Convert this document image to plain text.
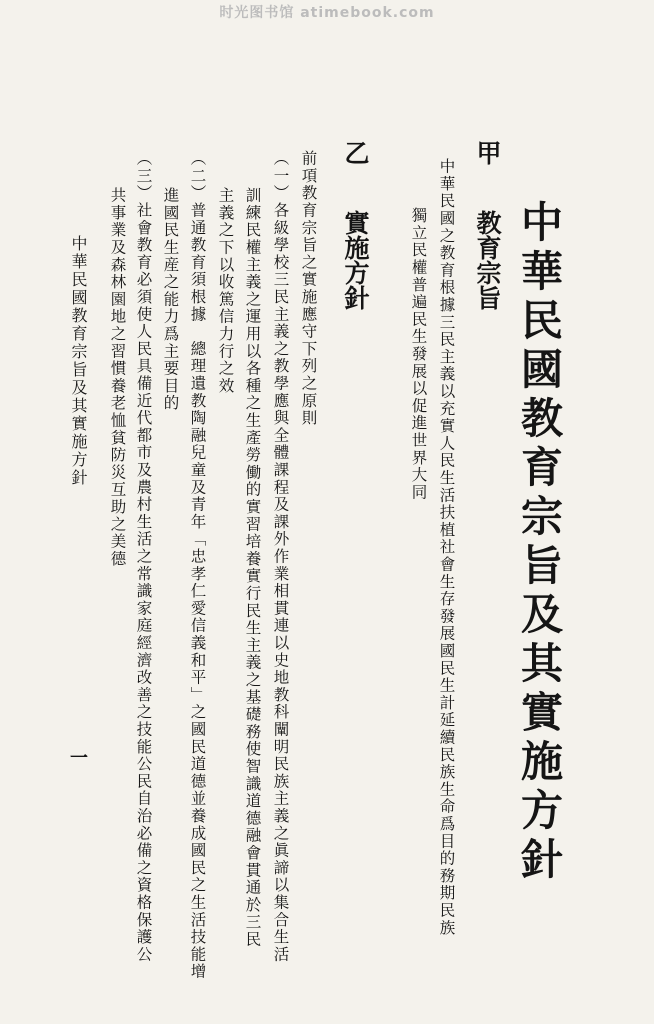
时光图书馆 atimebook.com
中華民國教育宗旨及其實施方針
甲 教育宗旨
中華民國之教育根據三民主義以充實人民生活扶植社會生存發展國民生計延續民族生命爲目的務期民族
獨立民權普遍民生發展以促進世界大同
乙 實施方針
前項教育宗旨之實施應守下列之原則
（一）各級學校三民主義之教學應與全體課程及課外作業相貫連以史地教科闡明民族主義之眞諦以集合生活
訓練民權主義之運用以各種之生產勞働的實習培養實行民生主義之基礎務使智識道德融會貫通於三民
主義之下以收篤信力行之效
（二）普通教育須根據　總理遺教陶融兒童及青年「忠孝仁愛信義和平」之國民道德並養成國民之生活技能增
進國民生産之能力爲主要目的
（三）社會教育必須使人民具備近代都市及農村生活之常識家庭經濟改善之技能公民自治必備之資格保護公
共事業及森林園地之習慣養老恤貧防災互助之美德
中華民國教育宗旨及其實施方針
一
